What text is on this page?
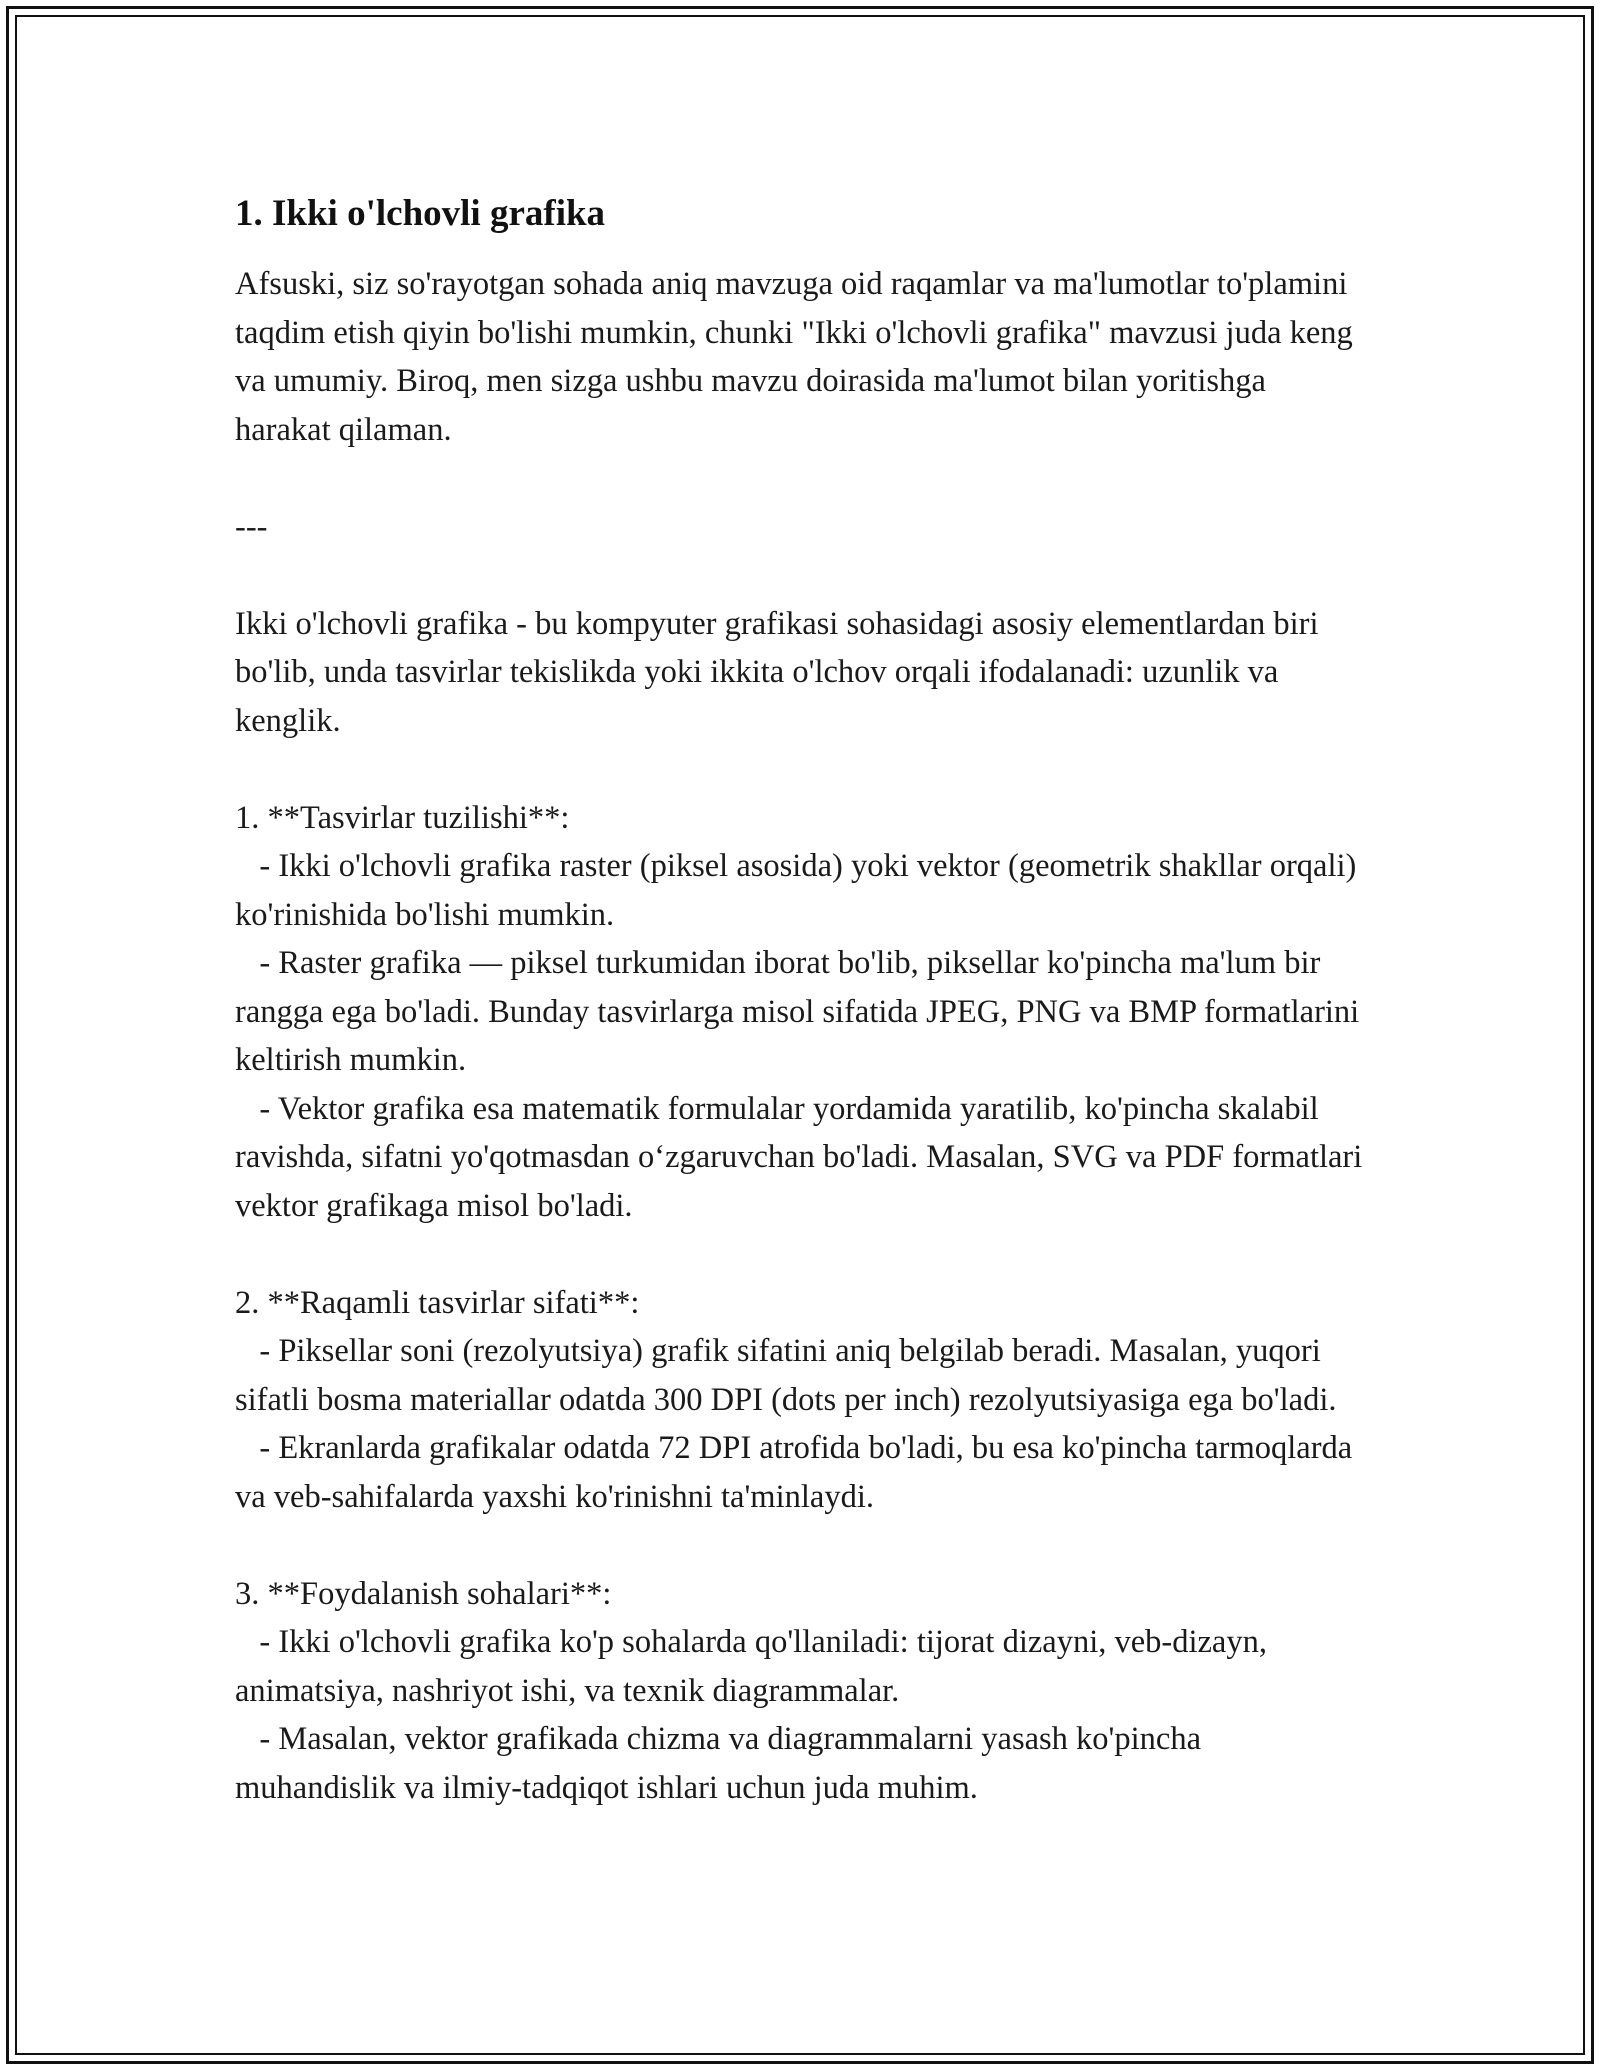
1. Ikki o'lchovli grafika

Afsuski, siz so'rayotgan sohada aniq mavzuga oid raqamlar va ma'lumotlar to'plamini taqdim etish qiyin bo'lishi mumkin, chunki "Ikki o'lchovli grafika" mavzusi juda keng va umumiy. Biroq, men sizga ushbu mavzu doirasida ma'lumot bilan yoritishga harakat qilaman.

---

Ikki o'lchovli grafika - bu kompyuter grafikasi sohasidagi asosiy elementlardan biri bo'lib, unda tasvirlar tekislikda yoki ikkita o'lchov orqali ifodalanadi: uzunlik va kenglik.

1. **Tasvirlar tuzilishi**:

- Ikki o'lchovli grafika raster (piksel asosida) yoki vektor (geometrik shakllar orqali) ko'rinishida bo'lishi mumkin.

- Raster grafika — piksel turkumidan iborat bo'lib, piksellar ko'pincha ma'lum bir rangga ega bo'ladi. Bunday tasvirlarga misol sifatida JPEG, PNG va BMP formatlarini keltirish mumkin.

- Vektor grafika esa matematik formulalar yordamida yaratilib, ko'pincha skalabil ravishda, sifatni yo'qotmasdan o‘zgaruvchan bo'ladi. Masalan, SVG va PDF formatlari vektor grafikaga misol bo'ladi.

2. **Raqamli tasvirlar sifati**:

- Piksellar soni (rezolyutsiya) grafik sifatini aniq belgilab beradi. Masalan, yuqori sifatli bosma materiallar odatda 300 DPI (dots per inch) rezolyutsiyasiga ega bo'ladi.

- Ekranlarda grafikalar odatda 72 DPI atrofida bo'ladi, bu esa ko'pincha tarmoqlarda va veb-sahifalarda yaxshi ko'rinishni ta'minlaydi.

3. **Foydalanish sohalari**:

- Ikki o'lchovli grafika ko'p sohalarda qo'llaniladi: tijorat dizayni, veb-dizayn, animatsiya, nashriyot ishi, va texnik diagrammalar.

- Masalan, vektor grafikada chizma va diagrammalarni yasash ko'pincha muhandislik va ilmiy-tadqiqot ishlari uchun juda muhim.
